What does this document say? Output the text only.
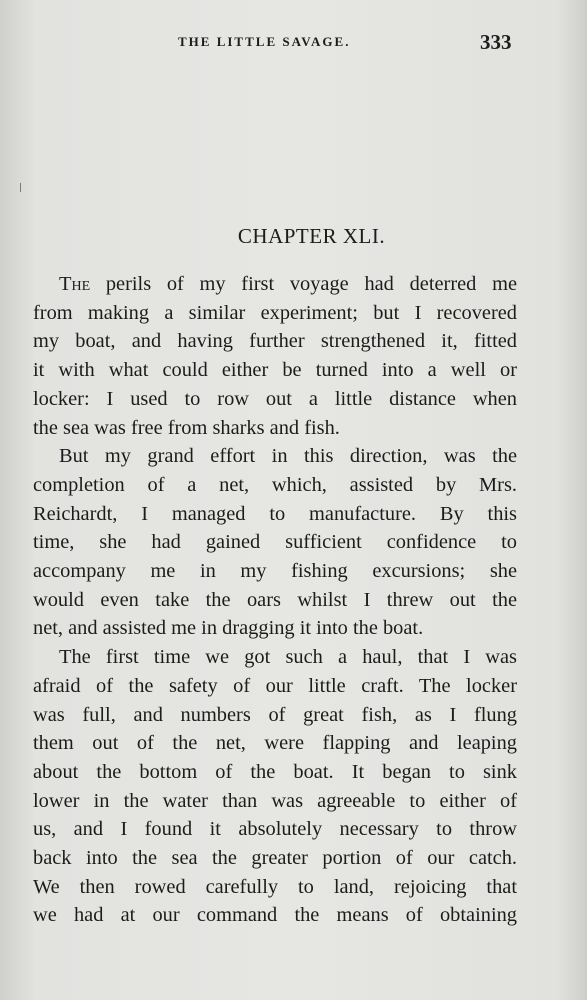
THE LITTLE SAVAGE.	333
CHAPTER XLI.

The perils of my first voyage had deterred me
from making a similar experiment; but I recovered
my boat, and having further strengthened it, fitted
it with what could either be turned into a well or
locker: I used to row out a little distance when
the sea was free from sharks and fish.

But my grand effort in this direction, was the
completion of a net, which, assisted by Mrs.
Reichardt, I managed to manufacture. By this
time, she had gained sufficient confidence to
accompany me in my fishing excursions; she
would even take the oars whilst I threw out the
net, and assisted me in dragging it into the boat.

The first time we got such a haul, that I was
afraid of the safety of our little craft. The locker
was full, and numbers of great fish, as I flung
them out of the net, were flapping and leaping
about the bottom of the boat. It began to sink
lower in the water than was agreeable to either of
us, and I found it absolutely necessary to throw
back into the sea the greater portion of our catch.
We then rowed carefully to land, rejoicing that
we had at our command the means of obtaining
